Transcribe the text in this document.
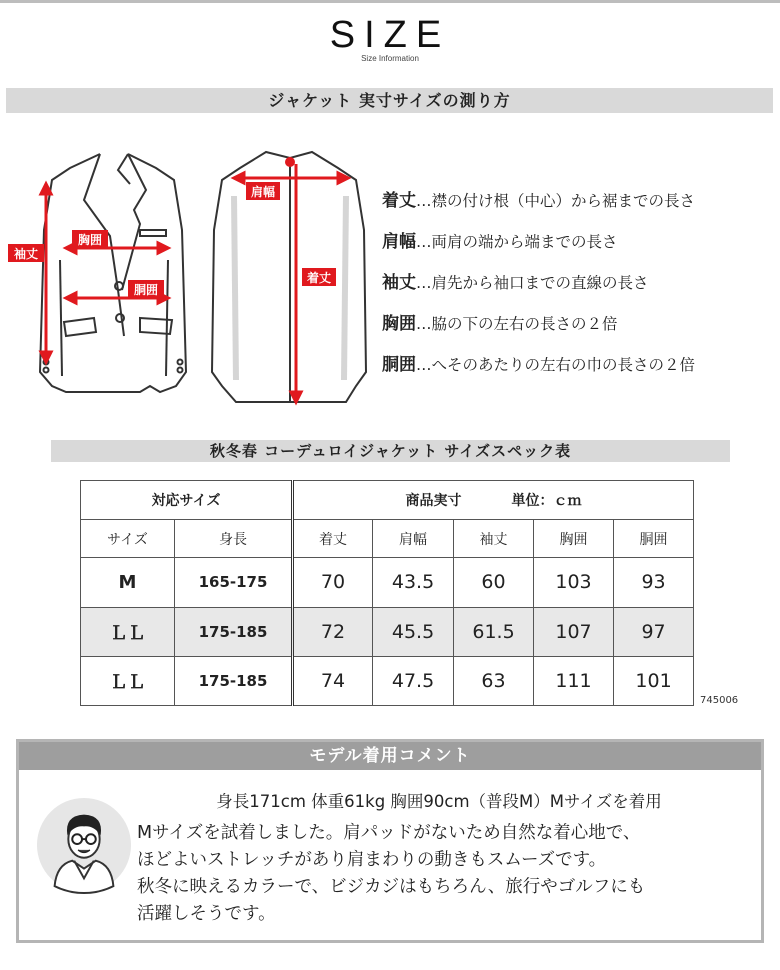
SIZE
Size Information
ジャケット 実寸サイズの測り方
袖丈
胸囲
胴囲
肩幅
着丈
着丈…襟の付け根（中心）から裾までの長さ
肩幅…両肩の端から端までの長さ
袖丈…肩先から袖口までの直線の長さ
胸囲…脇の下の左右の長さの２倍
胴囲…へそのあたりの左右の巾の長さの２倍
秋冬春 コーデュロイジャケット サイズスペック表
対応サイズ		商品実寸 単位：ｃｍ				
サイズ	身長	着丈	肩幅	袖丈	胸囲	胴囲
M	165-175	70	43.5	60	103	93
ＬＬ	175-185	72	45.5	61.5	107	97
ＬＬ	175-185	74	47.5	63	111	101
745006
モデル着用コメント
身長171cm 体重61kg 胸囲90cm（普段M）Mサイズを着用
Mサイズを試着しました。肩パッドがないため自然な着心地で、
ほどよいストレッチがあり肩まわりの動きもスムーズです。
秋冬に映えるカラーで、ビジカジはもちろん、旅行やゴルフにも
活躍しそうです。
